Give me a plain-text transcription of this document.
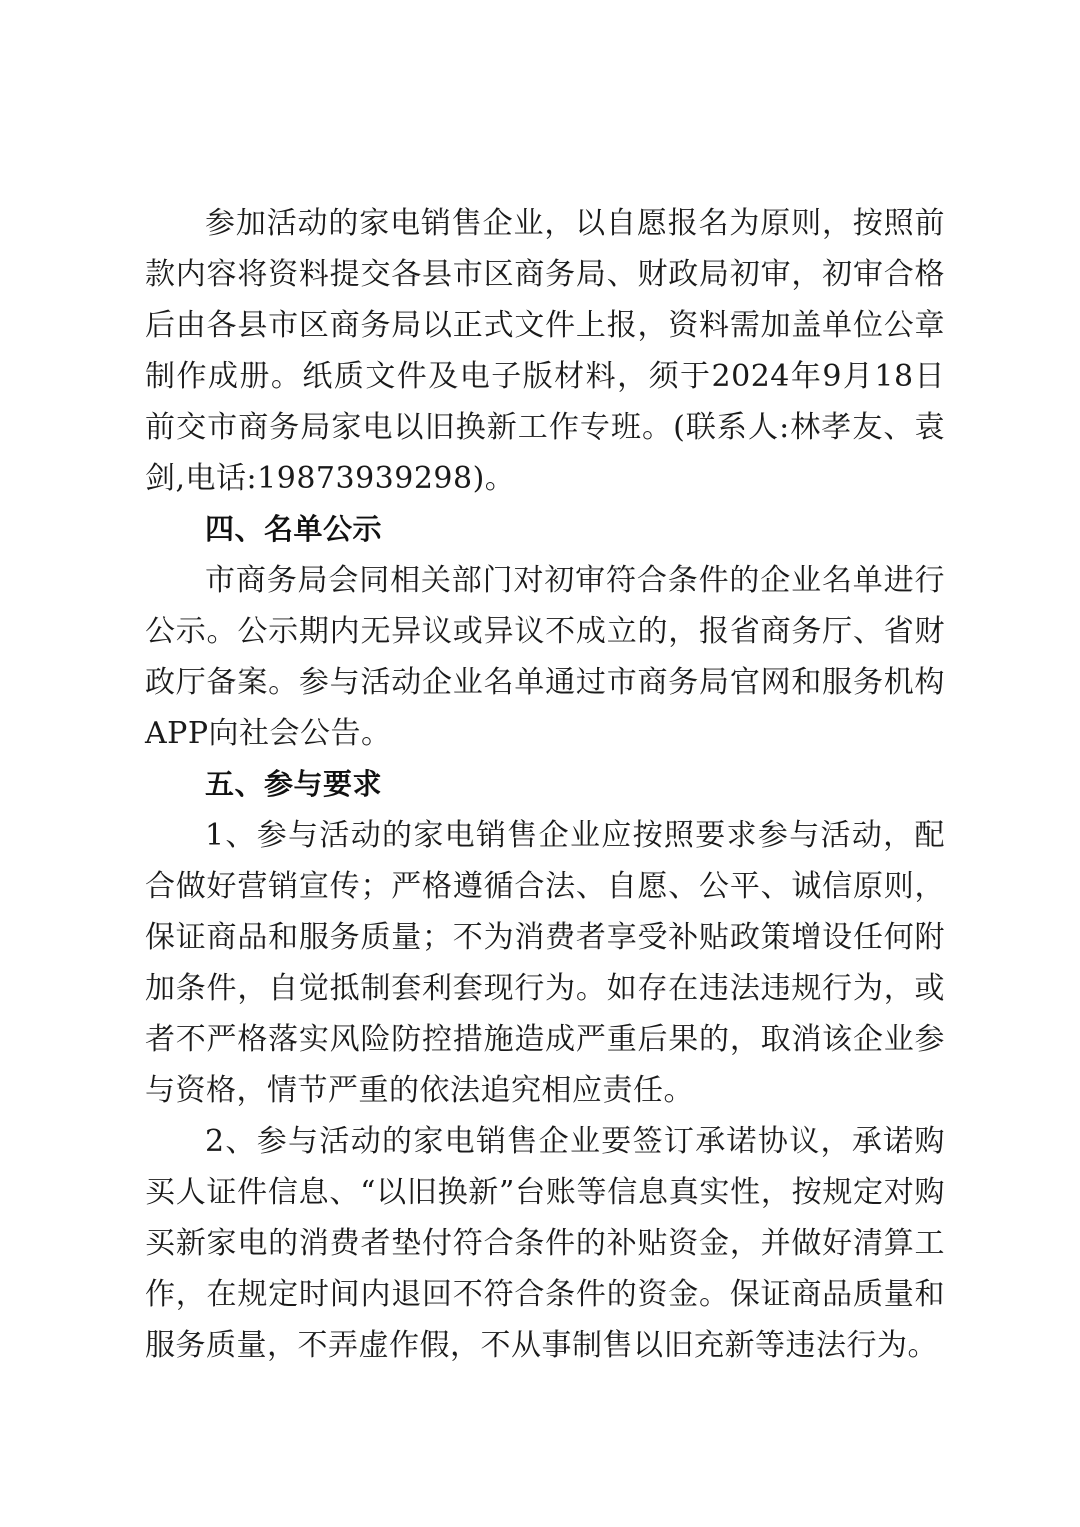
参加活动的家电销售企业，以自愿报名为原则，按照前款内容将资料提交各县市区商务局、财政局初审，初审合格后由各县市区商务局以正式文件上报，资料需加盖单位公章制作成册。纸质文件及电子版材料，须于2024年9月18日前交市商务局家电以旧换新工作专班。(联系人:林孝友、袁剑,电话:19873939298)。

四、名单公示

市商务局会同相关部门对初审符合条件的企业名单进行公示。公示期内无异议或异议不成立的，报省商务厅、省财政厅备案。参与活动企业名单通过市商务局官网和服务机构APP向社会公告。

五、参与要求

1、参与活动的家电销售企业应按照要求参与活动，配合做好营销宣传；严格遵循合法、自愿、公平、诚信原则，保证商品和服务质量；不为消费者享受补贴政策增设任何附加条件，自觉抵制套利套现行为。如存在违法违规行为，或者不严格落实风险防控措施造成严重后果的，取消该企业参与资格，情节严重的依法追究相应责任。

2、参与活动的家电销售企业要签订承诺协议，承诺购买人证件信息、“以旧换新”台账等信息真实性，按规定对购买新家电的消费者垫付符合条件的补贴资金，并做好清算工作，在规定时间内退回不符合条件的资金。保证商品质量和服务质量，不弄虚作假，不从事制售以旧充新等违法行为。
